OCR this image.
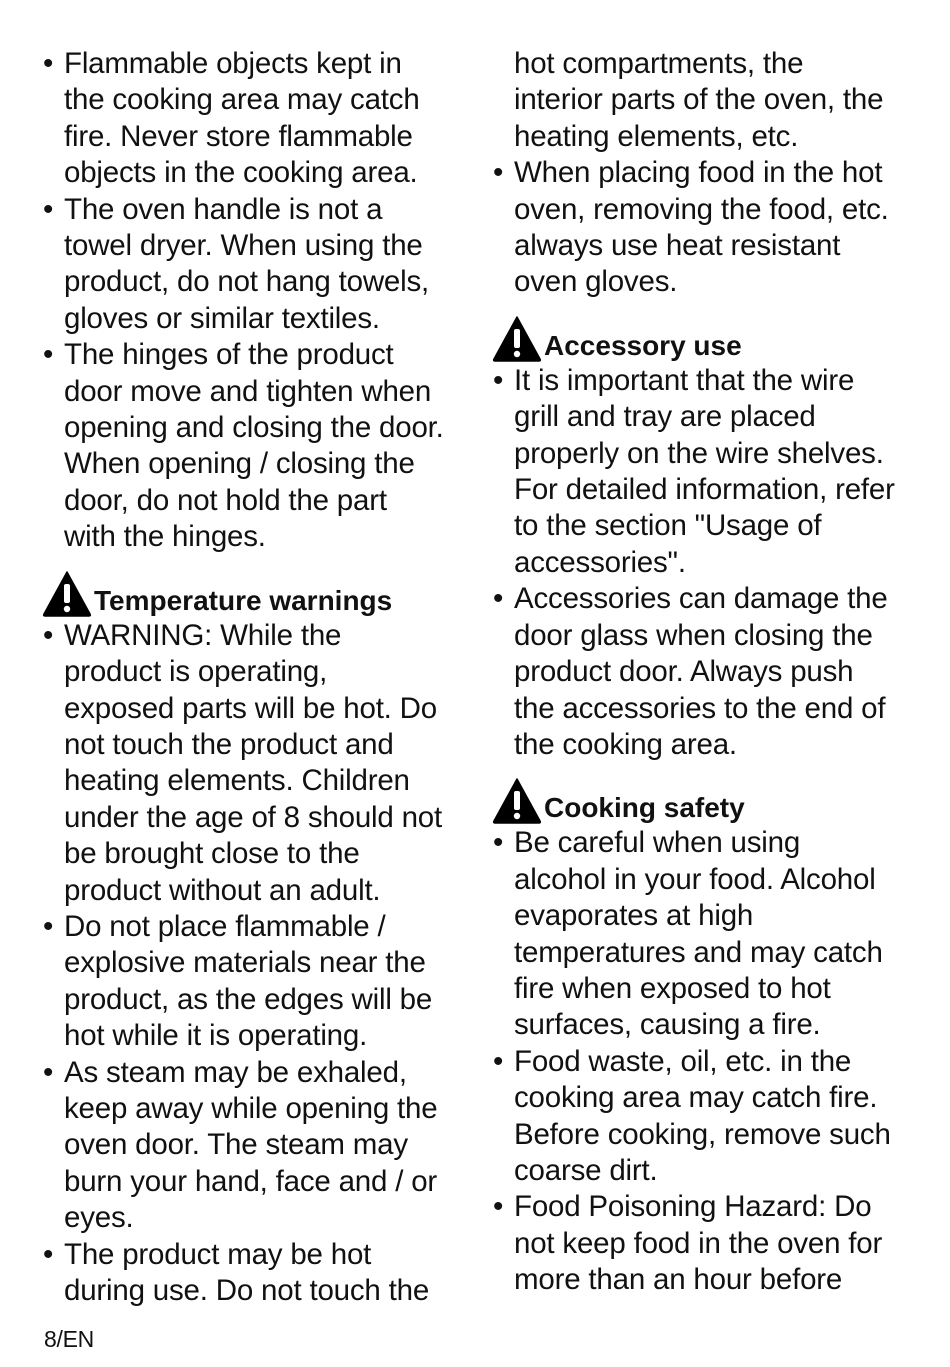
• Flammable objects kept in
the cooking area may catch
fire. Never store flammable
objects in the cooking area.
• The oven handle is not a
towel dryer. When using the
product, do not hang towels,
gloves or similar textiles.
• The hinges of the product
door move and tighten when
opening and closing the door.
When opening / closing the
door, do not hold the part
with the hinges.
Temperature warnings
• WARNING: While the
product is operating,
exposed parts will be hot. Do
not touch the product and
heating elements. Children
under the age of 8 should not
be brought close to the
product without an adult.
• Do not place flammable /
explosive materials near the
product, as the edges will be
hot while it is operating.
• As steam may be exhaled,
keep away while opening the
oven door. The steam may
burn your hand, face and / or
eyes.
• The product may be hot
during use. Do not touch the
hot compartments, the
interior parts of the oven, the
heating elements, etc.
• When placing food in the hot
oven, removing the food, etc.
always use heat resistant
oven gloves.
Accessory use
• It is important that the wire
grill and tray are placed
properly on the wire shelves.
For detailed information, refer
to the section "Usage of
accessories".
• Accessories can damage the
door glass when closing the
product door. Always push
the accessories to the end of
the cooking area.
Cooking safety
• Be careful when using
alcohol in your food. Alcohol
evaporates at high
temperatures and may catch
fire when exposed to hot
surfaces, causing a fire.
• Food waste, oil, etc. in the
cooking area may catch fire.
Before cooking, remove such
coarse dirt.
• Food Poisoning Hazard: Do
not keep food in the oven for
more than an hour before
8/EN
